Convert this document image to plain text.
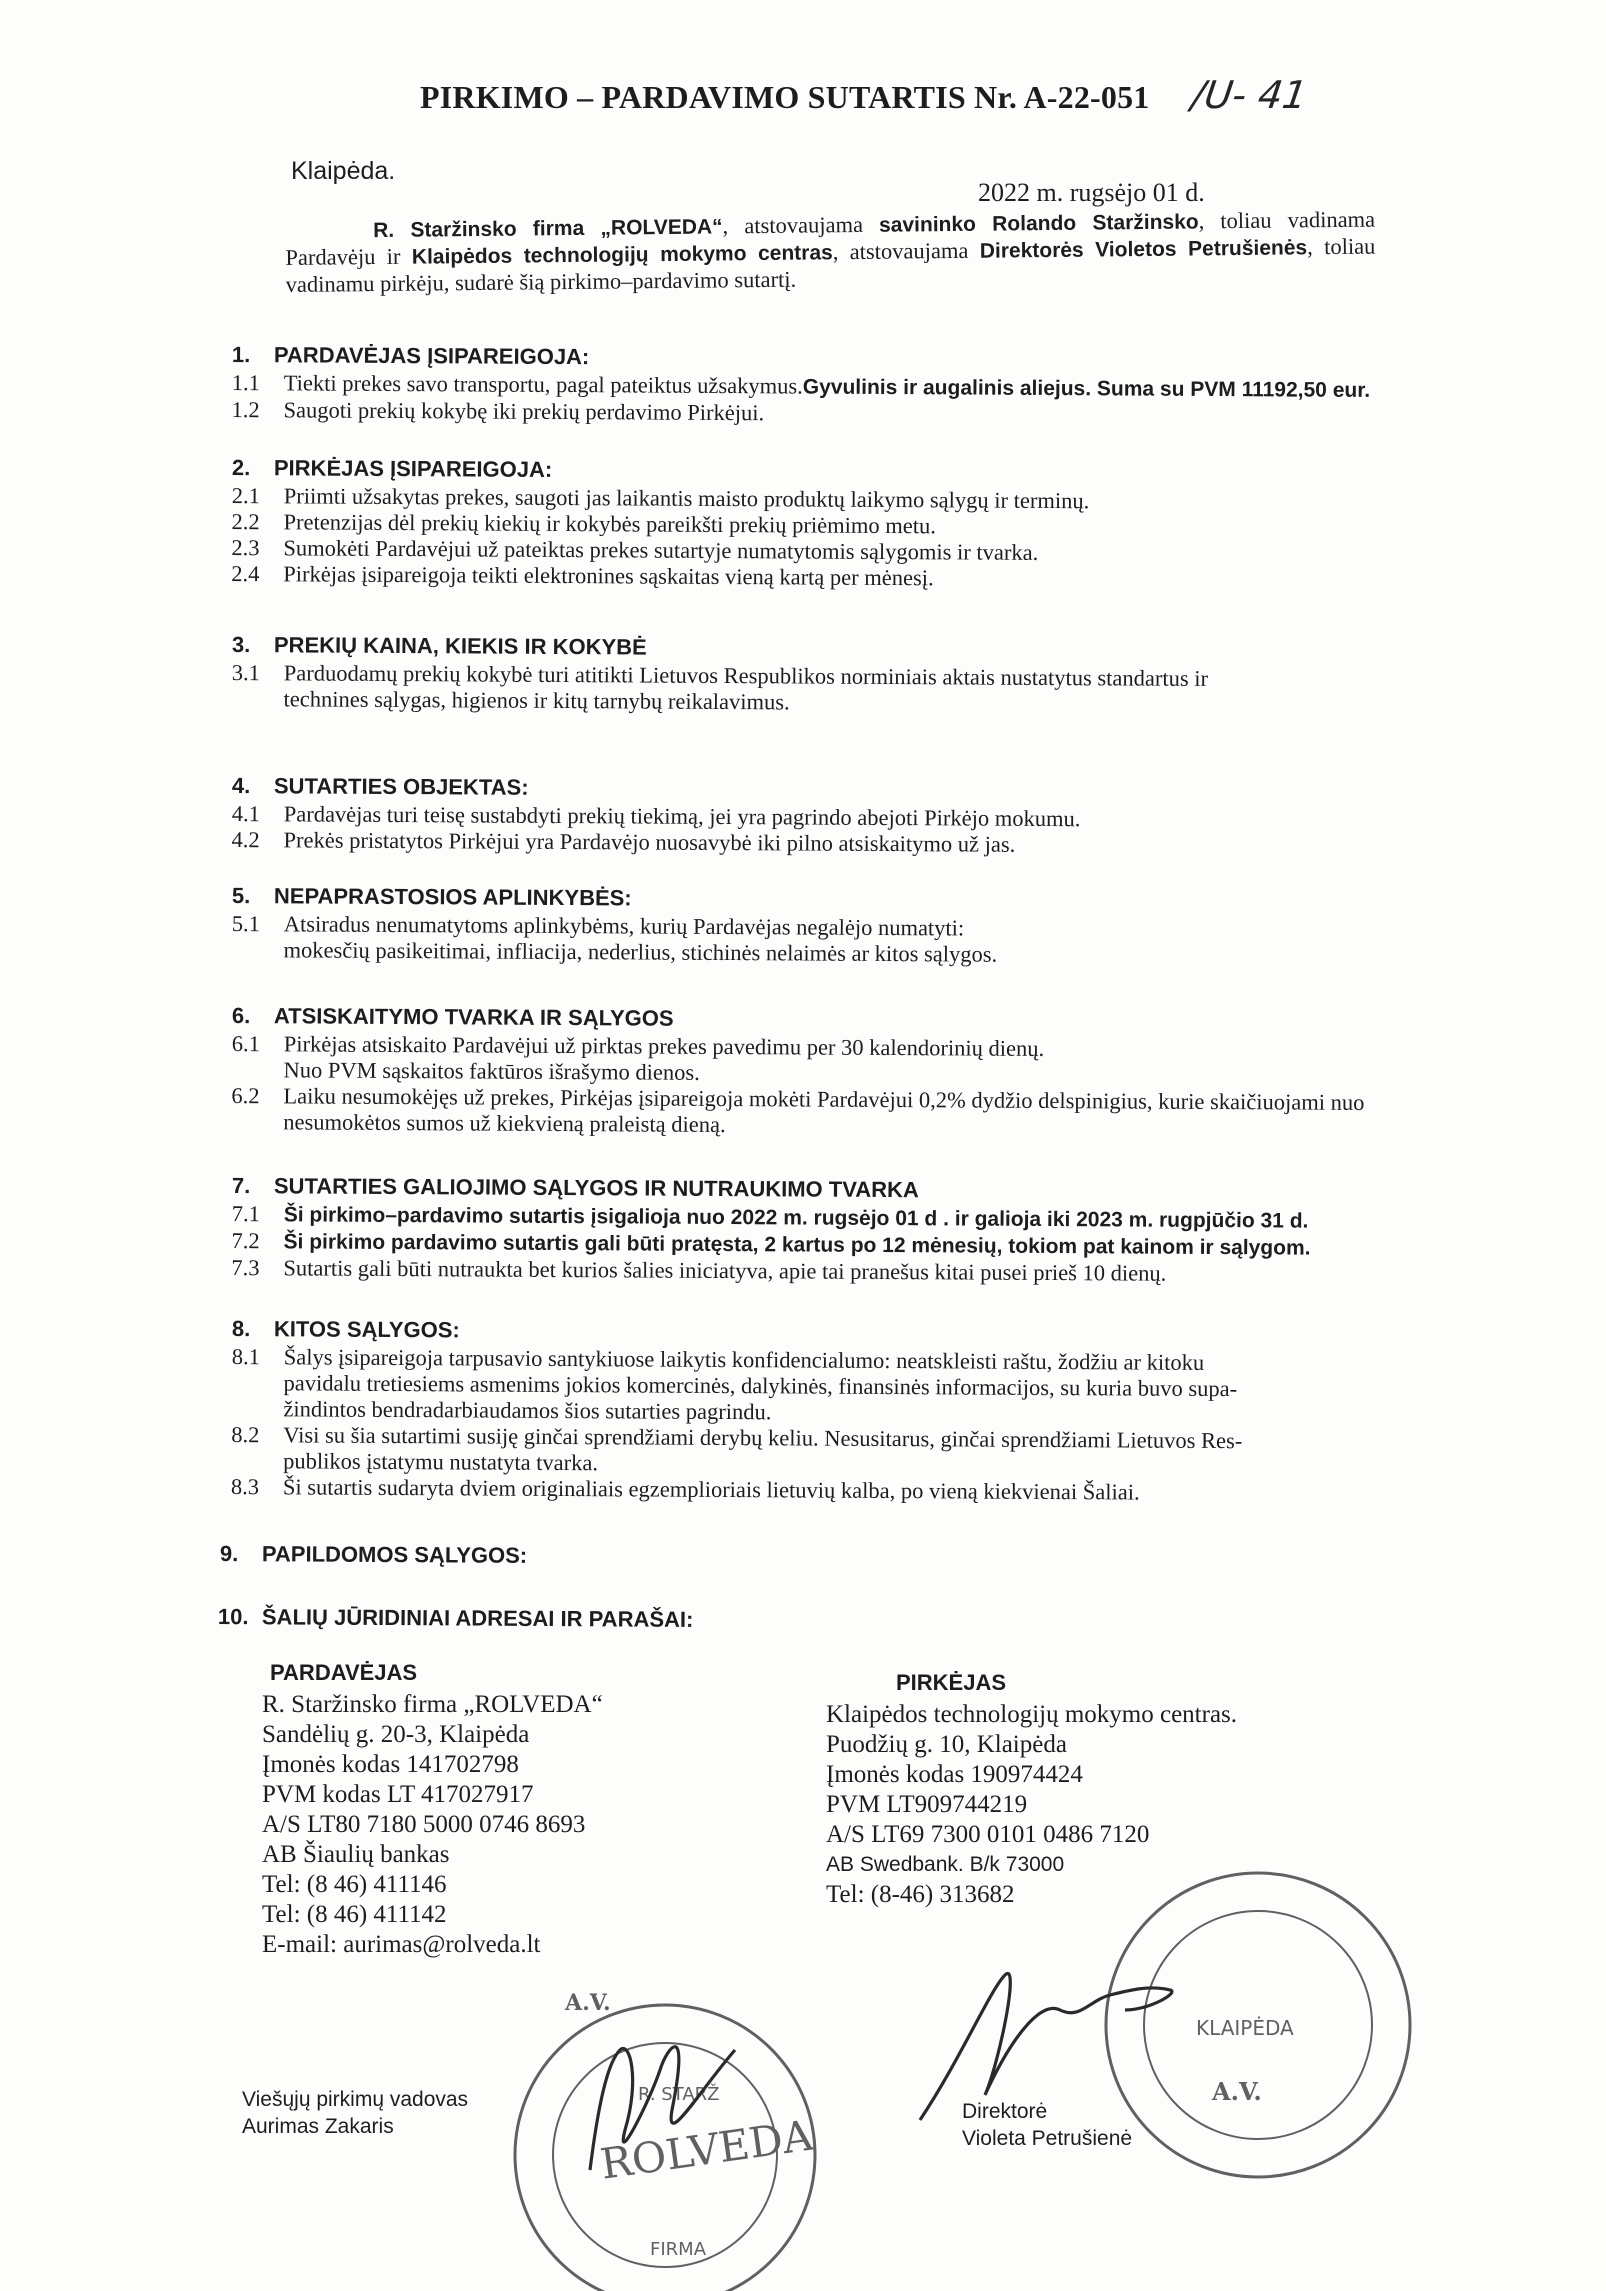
PIRKIMO – PARDAVIMO SUTARTIS Nr. A-22-051 /U- 41
Klaipėda.
2022 m. rugsėjo 01 d.
R. Staržinsko firma „ROLVEDA“, atstovaujama savininko Rolando Staržinsko, toliau vadinama Pardavėju ir Klaipėdos technologijų mokymo centras, atstovaujama Direktorės Violetos Petrušienės, toliau vadinamu pirkėju, sudarė šią pirkimo–pardavimo sutartį.
1. PARDAVĖJAS ĮSIPAREIGOJA:
1.1	Tiekti prekes savo transportu, pagal pateiktus užsakymus.Gyvulinis ir augalinis aliejus. Suma su PVM 11192,50 eur.
1.2	Saugoti prekių kokybę iki prekių perdavimo Pirkėjui.
2. PIRKĖJAS ĮSIPAREIGOJA:
2.1	Priimti užsakytas prekes, saugoti jas laikantis maisto produktų laikymo sąlygų ir terminų.
2.2	Pretenzijas dėl prekių kiekių ir kokybės pareikšti prekių priėmimo metu.
2.3	Sumokėti Pardavėjui už pateiktas prekes sutartyje numatytomis sąlygomis ir tvarka.
2.4	Pirkėjas įsipareigoja teikti elektronines sąskaitas vieną kartą per mėnesį.
3. PREKIŲ KAINA, KIEKIS IR KOKYBĖ
3.1	Parduodamų prekių kokybė turi atitikti Lietuvos Respublikos norminiais aktais nustatytus standartus ir
technines sąlygas, higienos ir kitų tarnybų reikalavimus.
4. SUTARTIES OBJEKTAS:
4.1	Pardavėjas turi teisę sustabdyti prekių tiekimą, jei yra pagrindo abejoti Pirkėjo mokumu.
4.2	Prekės pristatytos Pirkėjui yra Pardavėjo nuosavybė iki pilno atsiskaitymo už jas.
5. NEPAPRASTOSIOS APLINKYBĖS:
5.1	Atsiradus nenumatytoms aplinkybėms, kurių Pardavėjas negalėjo numatyti:
mokesčių pasikeitimai, infliacija, nederlius, stichinės nelaimės ar kitos sąlygos.
6. ATSISKAITYMO TVARKA IR SĄLYGOS
6.1	Pirkėjas atsiskaito Pardavėjui už pirktas prekes pavedimu per 30 kalendorinių dienų.
Nuo PVM sąskaitos faktūros išrašymo dienos.
6.2	Laiku nesumokėjęs už prekes, Pirkėjas įsipareigoja mokėti Pardavėjui 0,2% dydžio delspinigius, kurie skaičiuojami nuo
nesumokėtos sumos už kiekvieną praleistą dieną.
7. SUTARTIES GALIOJIMO SĄLYGOS IR NUTRAUKIMO TVARKA
7.1	Ši pirkimo–pardavimo sutartis įsigalioja nuo 2022 m. rugsėjo 01 d . ir galioja iki 2023 m. rugpjūčio 31 d.
7.2	Ši pirkimo pardavimo sutartis gali būti pratęsta, 2 kartus po 12 mėnesių, tokiom pat kainom ir sąlygom.
7.3	Sutartis gali būti nutraukta bet kurios šalies iniciatyva, apie tai pranešus kitai pusei prieš 10 dienų.
8. KITOS SĄLYGOS:
8.1	Šalys įsipareigoja tarpusavio santykiuose laikytis konfidencialumo: neatskleisti raštu, žodžiu ar kitoku
pavidalu tretiesiems asmenims jokios komercinės, dalykinės, finansinės informacijos, su kuria buvo supa-
žindintos bendradarbiaudamos šios sutarties pagrindu.
8.2	Visi su šia sutartimi susiję ginčai sprendžiami derybų keliu. Nesusitarus, ginčai sprendžiami Lietuvos Res-
publikos įstatymu nustatyta tvarka.
8.3	Ši sutartis sudaryta dviem originaliais egzemplioriais lietuvių kalba, po vieną kiekvienai Šaliai.
9. PAPILDOMOS SĄLYGOS:
10. ŠALIŲ JŪRIDINIAI ADRESAI IR PARAŠAI:
PARDAVĖJAS
R. Staržinsko firma „ROLVEDA“
Sandėlių g. 20-3, Klaipėda
Įmonės kodas 141702798
PVM kodas LT 417027917
A/S LT80 7180 5000 0746 8693
AB Šiaulių bankas
Tel: (8 46) 411146
Tel: (8 46) 411142
E-mail: aurimas@rolveda.lt
PIRKĖJAS
Klaipėdos technologijų mokymo centras.
Puodžių g. 10, Klaipėda
Įmonės kodas 190974424
PVM LT909744219
A/S LT69 7300 0101 0486 7120
AB Swedbank. B/k 73000
Tel: (8-46) 313682
Viešųjų pirkimų vadovas
Aurimas Zakaris
Direktorė
Violeta Petrušienė
ROLVEDA
R. STARŽ
FIRMA
A.V.
KLAIPĖDA
A.V.
